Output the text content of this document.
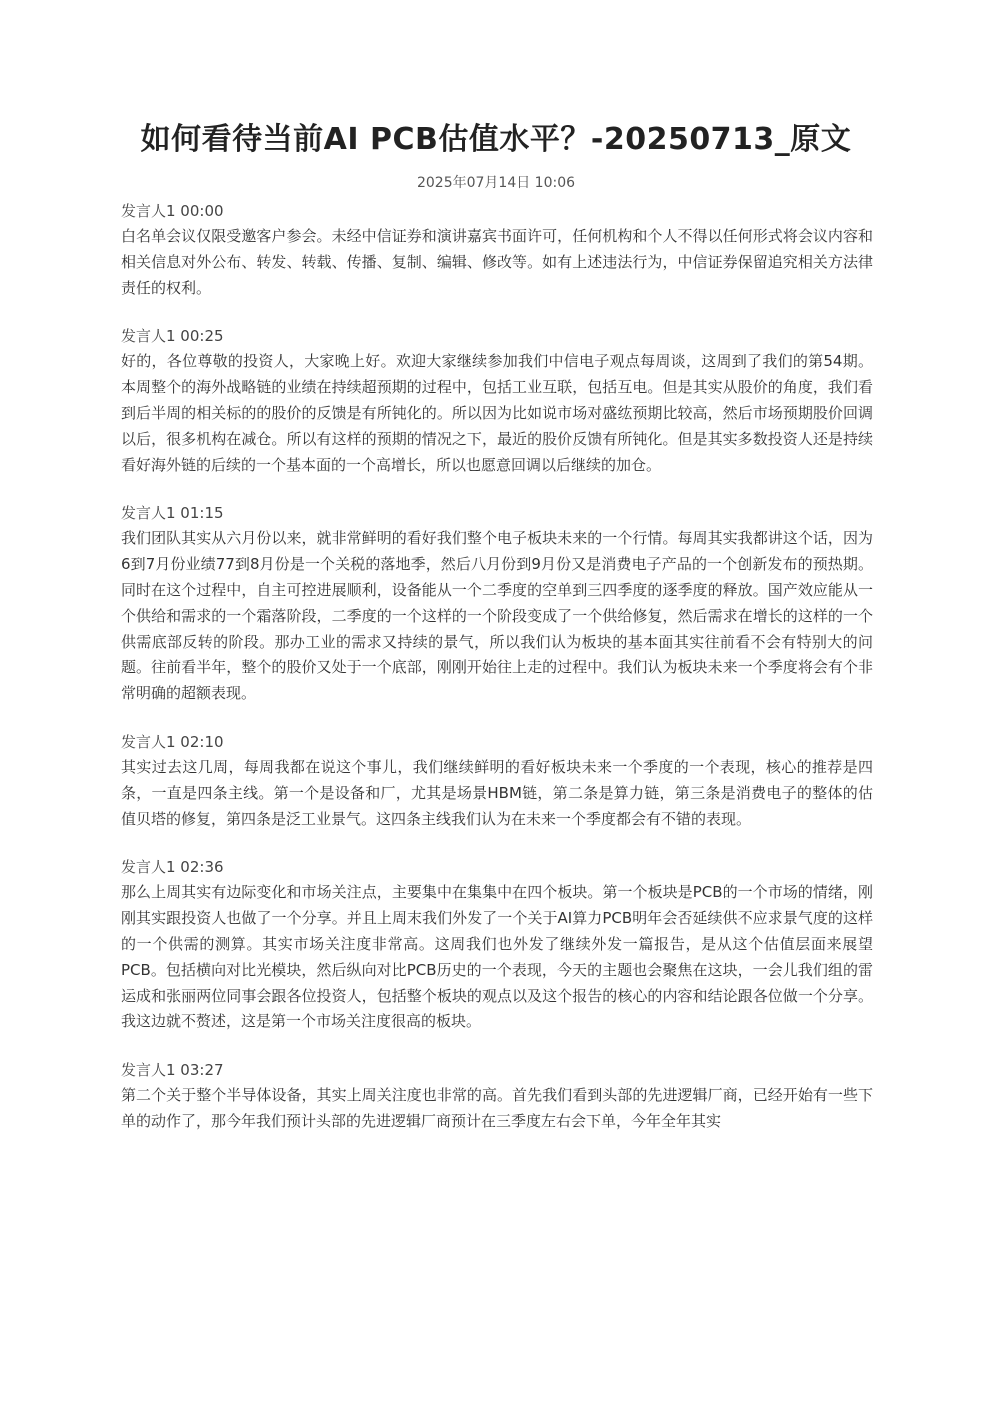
如何看待当前AI PCB估值水平？-20250713_原文
2025年07月14日 10:06
发言人1 00:00

白名单会议仅限受邀客户参会。未经中信证券和演讲嘉宾书面许可，任何机构和个人不得以任何形式将会议内容和相关信息对外公布、转发、转载、传播、复制、编辑、修改等。如有上述违法行为，中信证券保留追究相关方法律责任的权利。

发言人1 00:25

好的，各位尊敬的投资人，大家晚上好。欢迎大家继续参加我们中信电子观点每周谈，这周到了我们的第54期。本周整个的海外战略链的业绩在持续超预期的过程中，包括工业互联，包括互电。但是其实从股价的角度，我们看到后半周的相关标的的股价的反馈是有所钝化的。所以因为比如说市场对盛纮预期比较高，然后市场预期股价回调以后，很多机构在减仓。所以有这样的预期的情况之下，最近的股价反馈有所钝化。但是其实多数投资人还是持续看好海外链的后续的一个基本面的一个高增长，所以也愿意回调以后继续的加仓。

发言人1 01:15

我们团队其实从六月份以来，就非常鲜明的看好我们整个电子板块未来的一个行情。每周其实我都讲这个话，因为6到7月份业绩77到8月份是一个关税的落地季，然后八月份到9月份又是消费电子产品的一个创新发布的预热期。同时在这个过程中，自主可控进展顺利，设备能从一个二季度的空单到三四季度的逐季度的释放。国产效应能从一个供给和需求的一个霜落阶段，二季度的一个这样的一个阶段变成了一个供给修复，然后需求在增长的这样的一个供需底部反转的阶段。那办工业的需求又持续的景气，所以我们认为板块的基本面其实往前看不会有特别大的问题。往前看半年，整个的股价又处于一个底部，刚刚开始往上走的过程中。我们认为板块未来一个季度将会有个非常明确的超额表现。

发言人1 02:10

其实过去这几周，每周我都在说这个事儿，我们继续鲜明的看好板块未来一个季度的一个表现，核心的推荐是四条，一直是四条主线。第一个是设备和厂，尤其是场景HBM链，第二条是算力链，第三条是消费电子的整体的估值贝塔的修复，第四条是泛工业景气。这四条主线我们认为在未来一个季度都会有不错的表现。

发言人1 02:36

那么上周其实有边际变化和市场关注点，主要集中在集集中在四个板块。第一个板块是PCB的一个市场的情绪，刚刚其实跟投资人也做了一个分享。并且上周末我们外发了一个关于AI算力PCB明年会否延续供不应求景气度的这样的一个供需的测算。其实市场关注度非常高。这周我们也外发了继续外发一篇报告，是从这个估值层面来展望PCB。包括横向对比光模块，然后纵向对比PCB历史的一个表现，今天的主题也会聚焦在这块，一会儿我们组的雷运成和张丽两位同事会跟各位投资人，包括整个板块的观点以及这个报告的核心的内容和结论跟各位做一个分享。我这边就不赘述，这是第一个市场关注度很高的板块。

发言人1 03:27

第二个关于整个半导体设备，其实上周关注度也非常的高。首先我们看到头部的先进逻辑厂商，已经开始有一些下单的动作了，那今年我们预计头部的先进逻辑厂商预计在三季度左右会下单，今年全年其实
